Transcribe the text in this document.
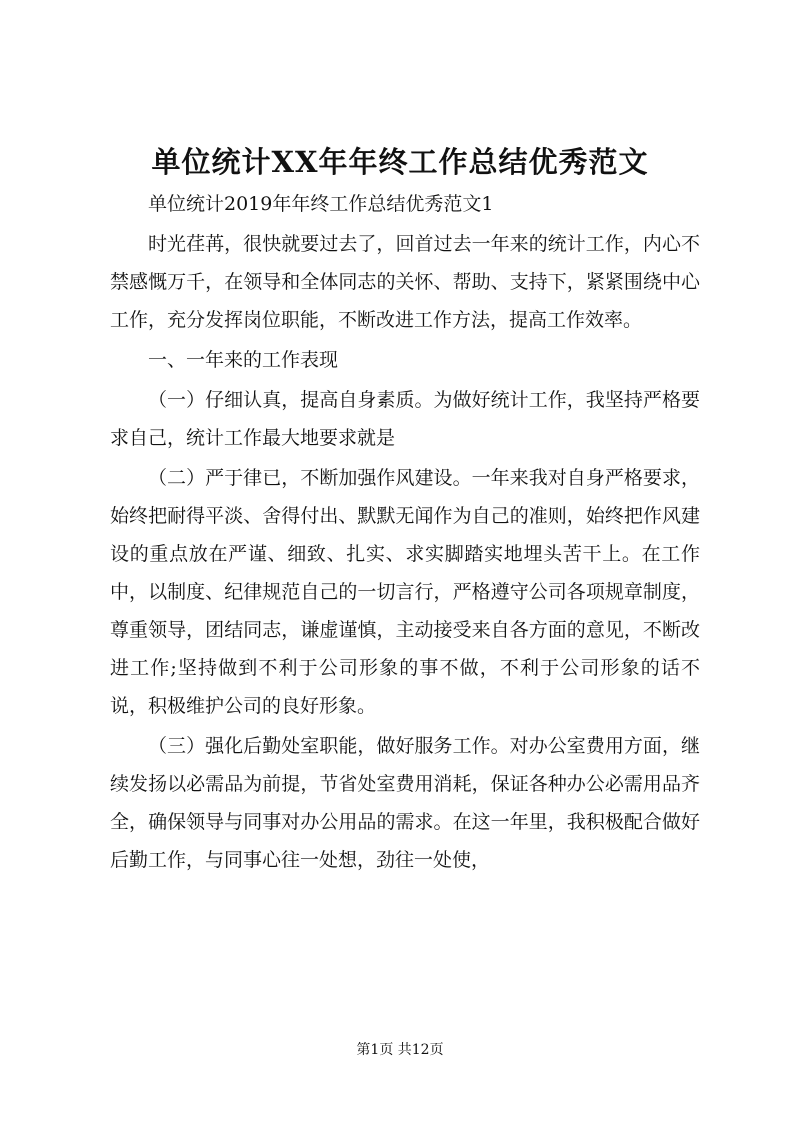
单位统计XX年年终工作总结优秀范文

单位统计2019年年终工作总结优秀范文1

时光荏苒，很快就要过去了，回首过去一年来的统计工作，内心不禁感慨万千，在领导和全体同志的关怀、帮助、支持下，紧紧围绕中心工作，充分发挥岗位职能，不断改进工作方法，提高工作效率。

一、一年来的工作表现

（一）仔细认真，提高自身素质。为做好统计工作，我坚持严格要求自己，统计工作最大地要求就是

（二）严于律已，不断加强作风建设。一年来我对自身严格要求，始终把耐得平淡、舍得付出、默默无闻作为自己的准则，始终把作风建设的重点放在严谨、细致、扎实、求实脚踏实地埋头苦干上。在工作中，以制度、纪律规范自己的一切言行，严格遵守公司各项规章制度，尊重领导，团结同志，谦虚谨慎，主动接受来自各方面的意见，不断改进工作;坚持做到不利于公司形象的事不做，不利于公司形象的话不说，积极维护公司的良好形象。

（三）强化后勤处室职能，做好服务工作。对办公室费用方面，继续发扬以必需品为前提，节省处室费用消耗，保证各种办公必需用品齐全，确保领导与同事对办公用品的需求。在这一年里，我积极配合做好后勤工作，与同事心往一处想，劲往一处使，

第1页 共12页
